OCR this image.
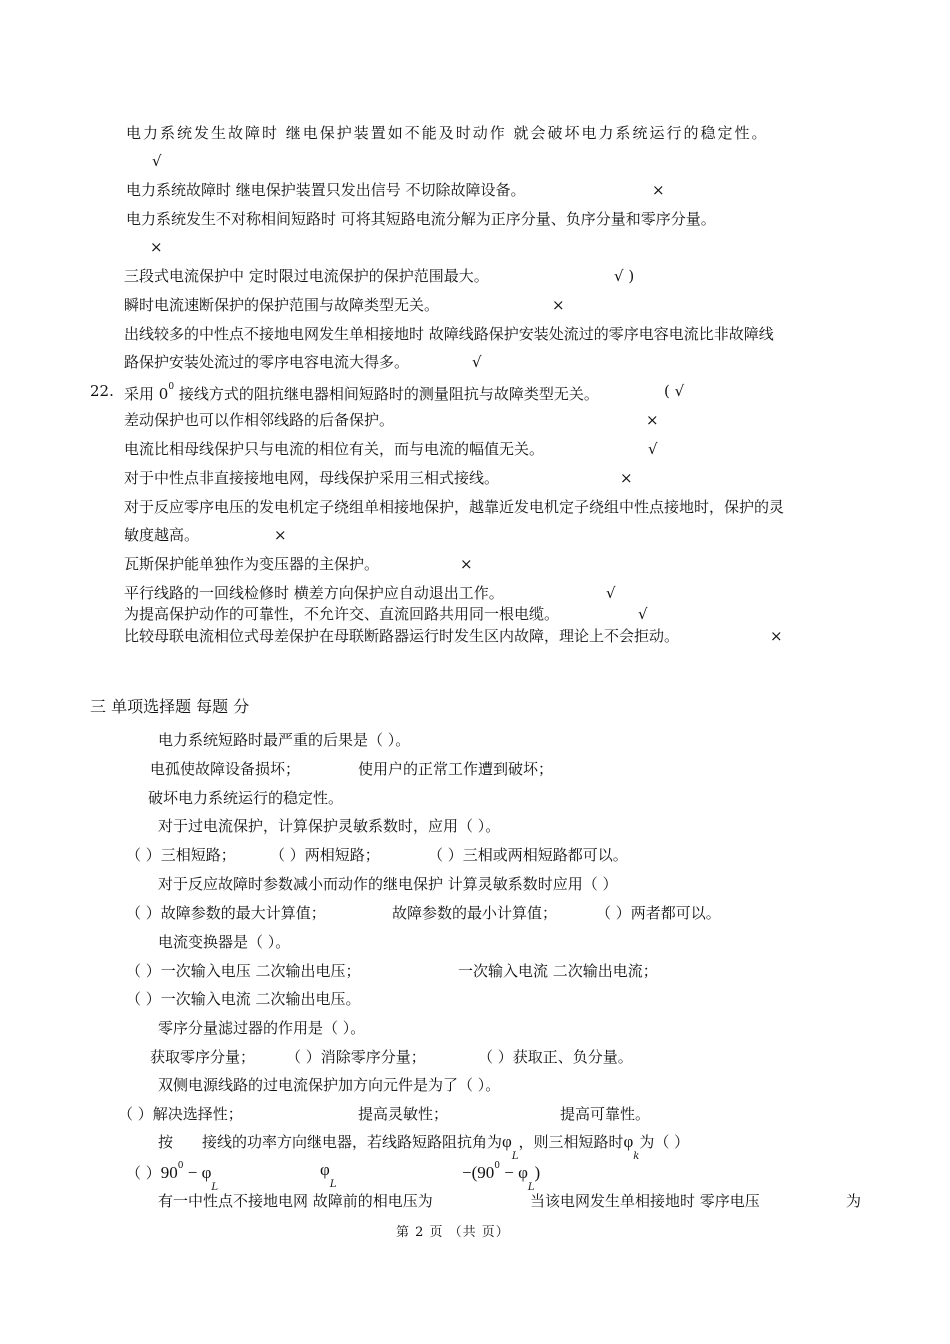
电力系统发生故障时 继电保护装置如不能及时动作 就会破坏电力系统运行的稳定性。
√
电力系统故障时 继电保护装置只发出信号 不切除故障设备。	×
电力系统发生不对称相间短路时 可将其短路电流分解为正序分量、负序分量和零序分量。
×
三段式电流保护中 定时限过电流保护的保护范围最大。	√ )
瞬时电流速断保护的保护范围与故障类型无关。	×
出线较多的中性点不接地电网发生单相接地时 故障线路保护安装处流过的零序电容电流比非故障线
路保护安装处流过的零序电容电流大得多。	√
22. 采用 $0^0$ 接线方式的阻抗继电器相间短路时的测量阻抗与故障类型无关。	( √
差动保护也可以作相邻线路的后备保护。	×
电流比相母线保护只与电流的相位有关，而与电流的幅值无关。	√
对于中性点非直接接地电网，母线保护采用三相式接线。	×
对于反应零序电压的发电机定子绕组单相接地保护，越靠近发电机定子绕组中性点接地时，保护的灵
敏度越高。	×
瓦斯保护能单独作为变压器的主保护。	×
平行线路的一回线检修时 横差方向保护应自动退出工作。	√
为提高保护动作的可靠性，不允许交、直流回路共用同一根电缆。	√
比较母联电流相位式母差保护在母联断路器运行时发生区内故障，理论上不会拒动。	×
三 单项选择题 每题 分
电力系统短路时最严重的后果是（ ）。
电孤使故障设备损坏；	使用户的正常工作遭到破坏；
破坏电力系统运行的稳定性。
对于过电流保护，计算保护灵敏系数时，应用（ ）。
（ ）三相短路； （ ）两相短路；	（ ）三相或两相短路都可以。
对于反应故障时参数减小而动作的继电保护 计算灵敏系数时应用（ ）
（ ）故障参数的最大计算值；	故障参数的最小计算值；	（ ）两者都可以。
电流变换器是（ ）。
（ ）一次输入电压 二次输出电压；	一次输入电流 二次输出电流；
（ ）一次输入电流 二次输出电压。
零序分量滤过器的作用是（ ）。
获取零序分量； （ ）消除零序分量；	（ ）获取正、负分量。
双侧电源线路的过电流保护加方向元件是为了（ ）。
（ ）解决选择性；	提高灵敏性；	提高可靠性。
按 接线的功率方向继电器，若线路短路阻抗角为$\varphi_L$，则三相短路时$\varphi_k$为（ ）
（ ）$90^0 - \varphi_L$
$\varphi_L$
$-(90^0 - \varphi_L)$
有一中性点不接地电网 故障前的相电压为	当该电网发生单相接地时 零序电压	为
第 2 页 （共 页）
